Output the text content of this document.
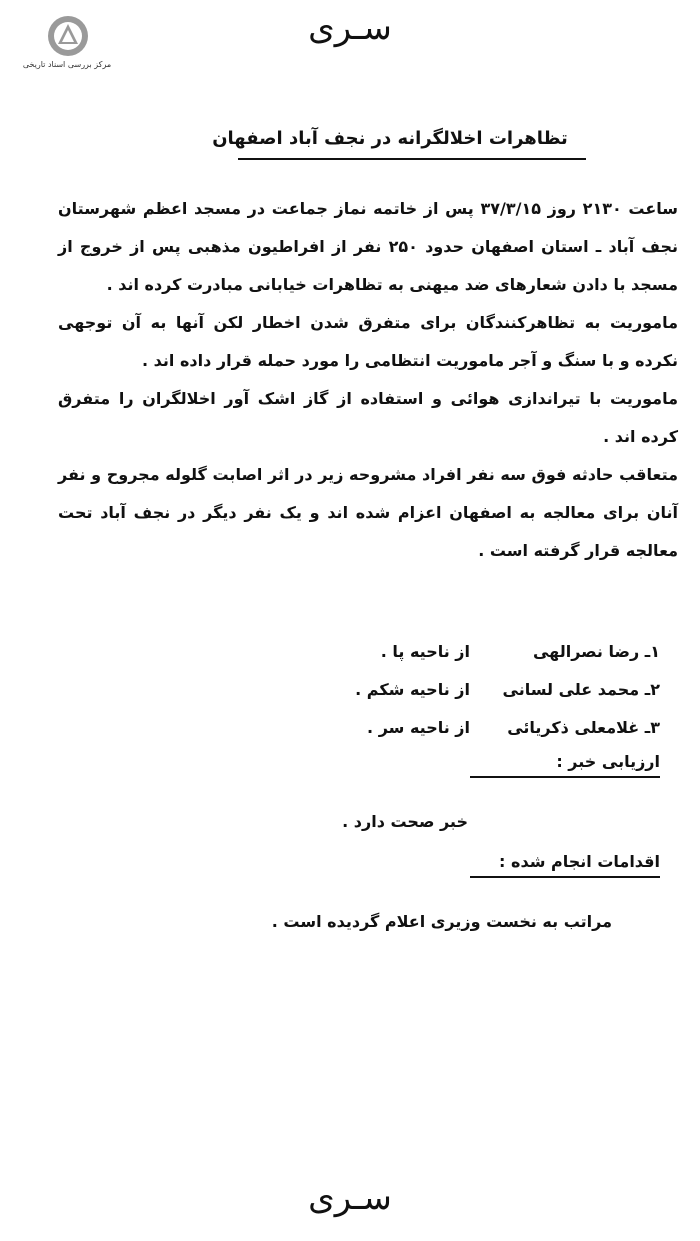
مرکز بررسی اسناد تاریخی
سـری
تظاهرات اخلالگرانه در نجف آباد اصفهان

ساعت ۲۱۳۰ روز ۳۷/۳/۱۵ پس از خاتمه نماز جماعت در مسجد اعظم شهرستان نجف آباد ـ استان اصفهان حدود ۲۵۰ نفر از افراطیون مذهبی پس از خروج از مسجد با دادن شعارهای ضد میهنی به تظاهرات خیابانی مبادرت کرده اند .

ماموریت به تظاهرکنندگان برای متفرق شدن اخطار لکن آنها به آن توجهی نکرده و با سنگ و آجر ماموریت انتظامی را مورد حمله قرار داده اند .

ماموریت با تیراندازی هوائی و استفاده از گاز اشک آور اخلالگران را متفرق کرده اند .

متعاقب حادثه فوق سه نفر افراد مشروحه زیر در اثر اصابت گلوله مجروح و نفر آنان برای معالجه به اصفهان اعزام شده اند و یک نفر دیگر در نجف آباد تحت معالجه قرار گرفته است .

۱ـ رضا نصرالهی
از ناحیه پا .
۲ـ محمد علی لسانی
از ناحیه شکم .
۳ـ غلامعلی ذکریائی
از ناحیه سر .
ارزیابی خبر :
خبر صحت دارد .
اقدامات انجام شده :
مراتب به نخست وزیری اعلام گردیده است .
سـری
